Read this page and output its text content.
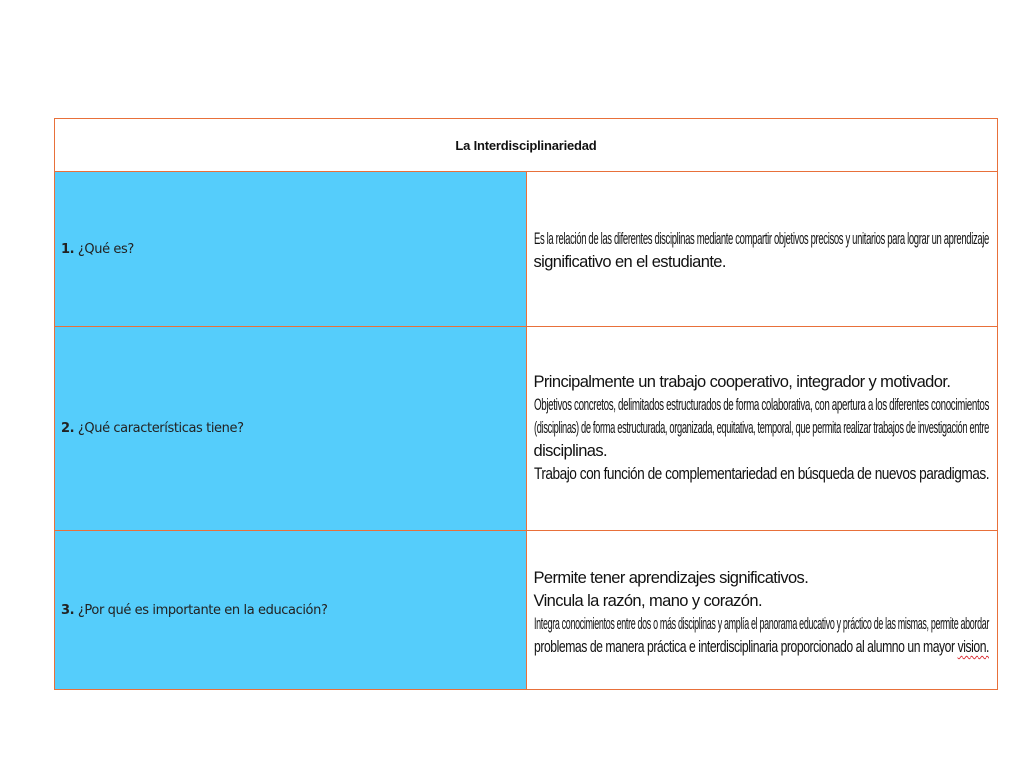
La Interdisciplinariedad	
1. ¿Qué es?	Es la relación de las diferentes disciplinas mediante compartir objetivos precisos y unitarios para lograr un aprendizaje
significativo en el estudiante.

2. ¿Qué características tiene?	Principalmente un trabajo cooperativo, integrador y motivador.
Objetivos concretos, delimitados estructurados de forma colaborativa, con apertura a los diferentes conocimientos
(disciplinas) de forma estructurada, organizada, equitativa, temporal, que permita realizar trabajos de investigación entre
disciplinas.
Trabajo con función de complementariedad en búsqueda de nuevos paradigmas.

3. ¿Por qué es importante en la educación?	Permite tener aprendizajes significativos.
Vincula la razón, mano y corazón.
Integra conocimientos entre dos o más disciplinas y amplía el panorama educativo y práctico de las mismas, permite abordar
problemas de manera práctica e interdisciplinaria proporcionado al alumno un mayor vision.
